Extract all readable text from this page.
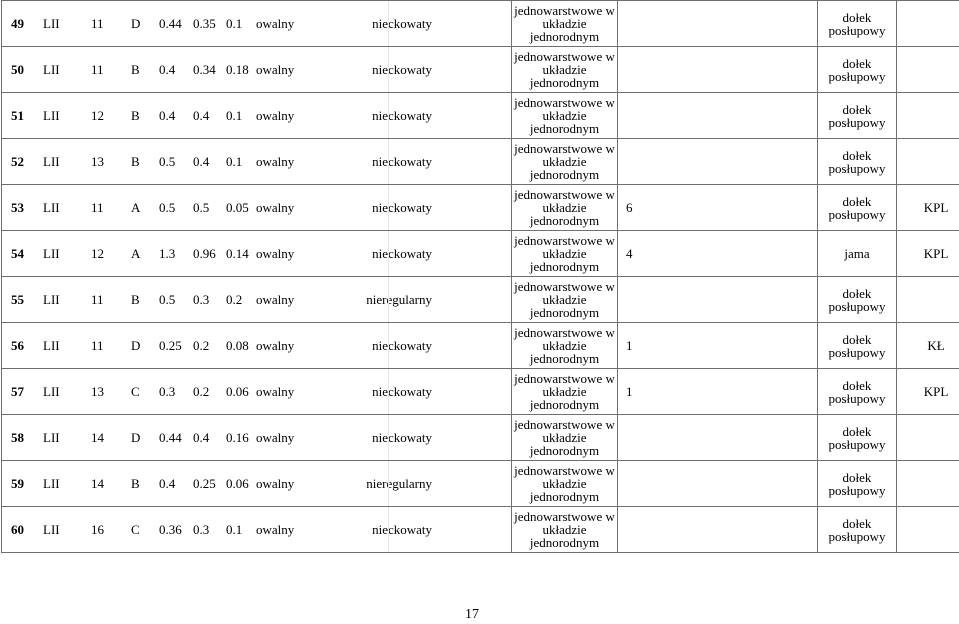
49 LII 11 D 0.44 0.35 0.1 owalny nieckowaty	jednowarstwowe w układzie jednorodnym		dołek posłupowy	
50 LII 11 B 0.4 0.34 0.18 owalny nieckowaty	jednowarstwowe w układzie jednorodnym		dołek posłupowy	
51 LII 12 B 0.4 0.4 0.1 owalny nieckowaty	jednowarstwowe w układzie jednorodnym		dołek posłupowy	
52 LII 13 B 0.5 0.4 0.1 owalny nieckowaty	jednowarstwowe w układzie jednorodnym		dołek posłupowy	
53 LII 11 A 0.5 0.5 0.05 owalny nieckowaty	jednowarstwowe w układzie jednorodnym	6	dołek posłupowy	KPL
54 LII 12 A 1.3 0.96 0.14 owalny nieckowaty	jednowarstwowe w układzie jednorodnym	4	jama	KPL
55 LII 11 B 0.5 0.3 0.2 owalny nieregularny	jednowarstwowe w układzie jednorodnym		dołek posłupowy	
56 LII 11 D 0.25 0.2 0.08 owalny nieckowaty	jednowarstwowe w układzie jednorodnym	1	dołek posłupowy	KŁ
57 LII 13 C 0.3 0.2 0.06 owalny nieckowaty	jednowarstwowe w układzie jednorodnym	1	dołek posłupowy	KPL
58 LII 14 D 0.44 0.4 0.16 owalny nieckowaty	jednowarstwowe w układzie jednorodnym		dołek posłupowy	
59 LII 14 B 0.4 0.25 0.06 owalny nieregularny	jednowarstwowe w układzie jednorodnym		dołek posłupowy	
60 LII 16 C 0.36 0.3 0.1 owalny nieckowaty	jednowarstwowe w układzie jednorodnym		dołek posłupowy	
17
